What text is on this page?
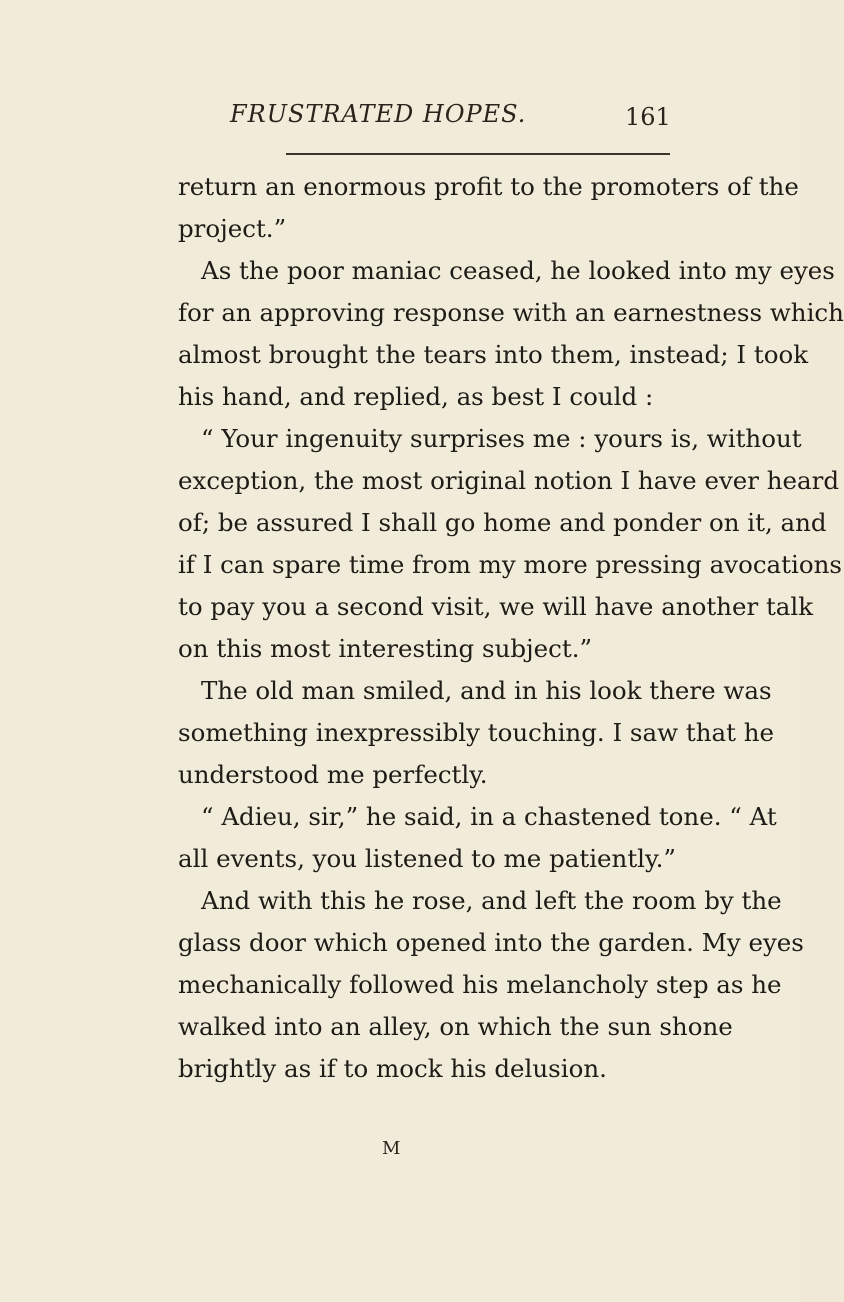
FRUSTRATED HOPES.	161
return an enormous profit to the promoters of the
project.”
As the poor maniac ceased, he looked into my eyes
for an approving response with an earnestness which
almost brought the tears into them, instead; I took
his hand, and replied, as best I could :
“ Your ingenuity surprises me : yours is, without
exception, the most original notion I have ever heard
of; be assured I shall go home and ponder on it, and
if I can spare time from my more pressing avocations
to pay you a second visit, we will have another talk
on this most interesting subject.”
The old man smiled, and in his look there was
something inexpressibly touching. I saw that he
understood me perfectly.
“ Adieu, sir,” he said, in a chastened tone. “ At
all events, you listened to me patiently.”
And with this he rose, and left the room by the
glass door which opened into the garden. My eyes
mechanically followed his melancholy step as he
walked into an alley, on which the sun shone
brightly as if to mock his delusion.
M
